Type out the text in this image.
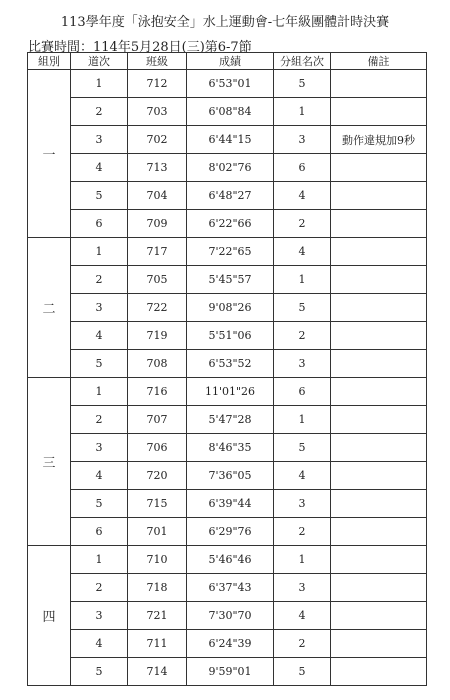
113學年度「泳抱安全」水上運動會-七年級團體計時決賽
比賽時間：114年5月28日(三)第6-7節
組別	道次	班級	成績	分組名次	備註
一	1	712	6'53"01	5	
	2	703	6'08"84	1	
	3	702	6'44"15	3	動作違規加9秒
	4	713	8'02"76	6	
	5	704	6'48"27	4	
	6	709	6'22"66	2	
二	1	717	7'22"65	4	
	2	705	5'45"57	1	
	3	722	9'08"26	5	
	4	719	5'51"06	2	
	5	708	6'53"52	3	
三	1	716	11'01"26	6	
	2	707	5'47"28	1	
	3	706	8'46"35	5	
	4	720	7'36"05	4	
	5	715	6'39"44	3	
	6	701	6'29"76	2	
四	1	710	5'46"46	1	
	2	718	6'37"43	3	
	3	721	7'30"70	4	
	4	711	6'24"39	2	
	5	714	9'59"01	5	
